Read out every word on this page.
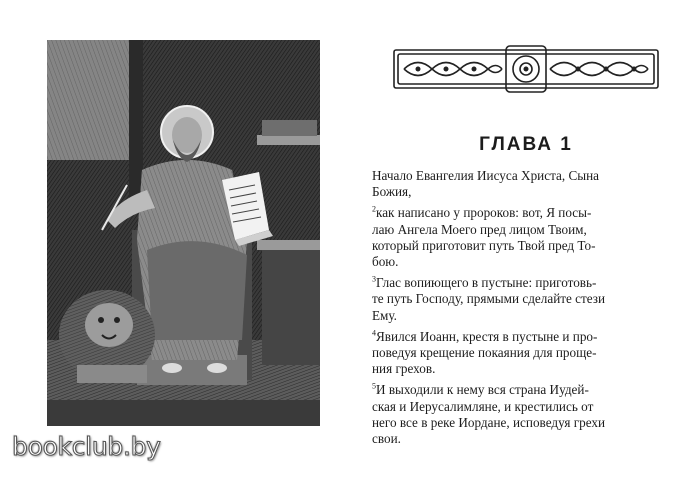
ГЛАВА 1

Начало Евангелия Иисуса Христа, Сына
Божия,

$^2$как написано у пророков: вот, Я посы-
лаю Ангела Моего пред лицом Твоим,
который приготовит путь Твой пред То-
бою.

$^3$Глас вопиющего в пустыне: приготовь-
те путь Господу, прямыми сделайте стези
Ему.

$^4$Явился Иоанн, крестя в пустыне и про-
поведуя крещение покаяния для проще-
ния грехов.

$^5$И выходили к нему вся страна Иудей-
ская и Иерусалимляне, и крестились от
него все в реке Иордане, исповедуя грехи
свои.

bookclub.by
